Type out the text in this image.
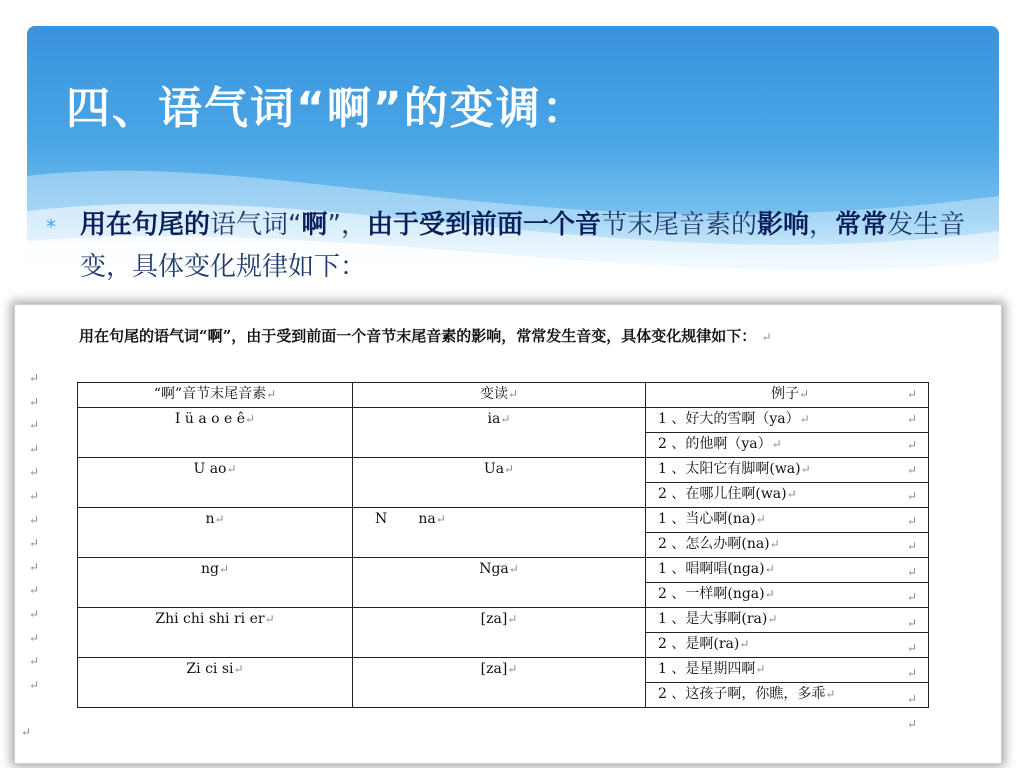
四、语气词“啊”的变调：
* 用在句尾的语气词“啊”，由于受到前面一个音节末尾音素的影响，常常发生音变，具体变化规律如下：
用在句尾的语气词“啊”，由于受到前面一个音节末尾音素的影响，常常发生音变，具体变化规律如下： ↵
↵
↵
↵
↵
↵
↵
↵
↵
↵
↵
↵
↵
↵
↵
“啊”音节末尾音素↵	变读↵	例子↵
I ü a o e ê↵	ia↵	1 、好大的雪啊（ya）↵
		2 、的他啊（ya）↵
U ao↵	Ua↵	1 、太阳它有脚啊(wa)↵
		2 、在哪儿住啊(wa)↵
n↵	N       na↵	1 、当心啊(na)↵
		2 、怎么办啊(na)↵
ng↵	Nga↵	1 、唱啊唱(nga)↵
		2 、一样啊(nga)↵
Zhi chi shi ri er↵	[za]↵	1 、是大事啊(ra)↵
		2 、是啊(ra)↵
Zi ci si↵	[za]↵	1 、是星期四啊↵
		2 、这孩子啊，你瞧，多乖↵
↵
↵
↵
↵
↵
↵
↵
↵
↵
↵
↵
↵
↵
↵
↵
